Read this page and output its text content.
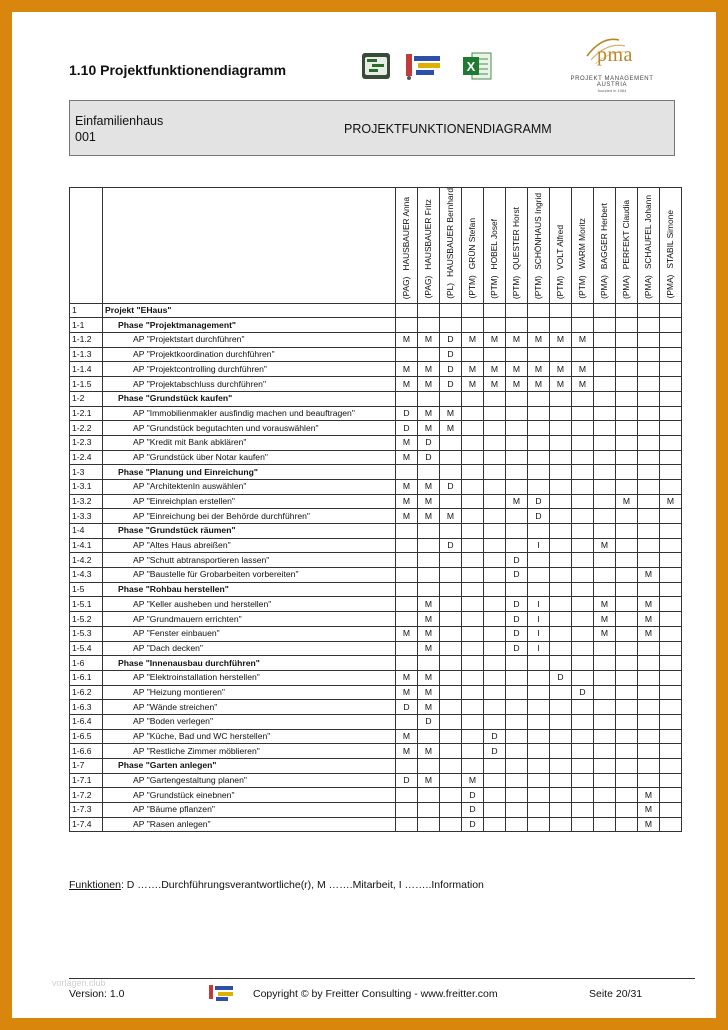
1.10 Projektfunktionendiagramm	X
pma
PROJEKT MANAGEMENT AUSTRIA
founded in 1984
Einfamilienhaus
001
PROJEKTFUNKTIONENDIAGRAMM
		(PAG)HAUSBAUER Anna	(PAG)HAUSBAUER Fritz	(PL)HAUSBAUER Bernhard	(PTM)GRÜN Stefan	(PTM)HOBEL Josef	(PTM)QUESTER Horst	(PTM)SCHÖNHAUS Ingrid	(PTM)VOLT Alfred	(PTM)WARM Moritz	(PMA)BAGGER Herbert	(PMA)PERFEKT Claudia	(PMA)SCHAUFEL Johann	(PMA)STABIL Simone
1	Projekt "EHaus"													
1-1	Phase "Projektmanagement"													
1-1.2	AP "Projektstart durchführen"	M	M	D	M	M	M	M	M	M				
1-1.3	AP "Projektkoordination durchführen"			D										
1-1.4	AP "Projektcontrolling durchführen"	M	M	D	M	M	M	M	M	M				
1-1.5	AP "Projektabschluss durchführen"	M	M	D	M	M	M	M	M	M				
1-2	Phase "Grundstück kaufen"													
1-2.1	AP "Immobilienmakler ausfindig machen und beauftragen"	D	M	M										
1-2.2	AP "Grundstück begutachten und vorauswählen"	D	M	M										
1-2.3	AP "Kredit mit Bank abklären"	M	D											
1-2.4	AP "Grundstück über Notar kaufen"	M	D											
1-3	Phase "Planung und Einreichung"													
1-3.1	AP "ArchitektenIn auswählen"	M	M	D										
1-3.2	AP "Einreichplan erstellen"	M	M				M	D				M		M
1-3.3	AP "Einreichung bei der Behörde durchführen"	M	M	M				D						
1-4	Phase "Grundstück räumen"													
1-4.1	AP "Altes Haus abreißen"			D				I			M			
1-4.2	AP "Schutt abtransportieren lassen"						D							
1-4.3	AP "Baustelle für Grobarbeiten vorbereiten"						D						M	
1-5	Phase "Rohbau herstellen"													
1-5.1	AP "Keller ausheben und herstellen"		M				D	I			M		M	
1-5.2	AP "Grundmauern errichten"		M				D	I			M		M	
1-5.3	AP "Fenster einbauen"	M	M				D	I			M		M	
1-5.4	AP "Dach decken"		M				D	I						
1-6	Phase "Innenausbau durchführen"													
1-6.1	AP "Elektroinstallation herstellen"	M	M						D					
1-6.2	AP "Heizung montieren"	M	M							D				
1-6.3	AP "Wände streichen"	D	M											
1-6.4	AP "Boden verlegen"		D											
1-6.5	AP "Küche, Bad und WC herstellen"	M				D								
1-6.6	AP "Restliche Zimmer möblieren"	M	M			D								
1-7	Phase "Garten anlegen"													
1-7.1	AP "Gartengestaltung planen"	D	M		M									
1-7.2	AP "Grundstück einebnen"				D								M	
1-7.3	AP "Bäume pflanzen"				D								M	
1-7.4	AP "Rasen anlegen"				D								M	
Funktionen: D …….Durchführungsverantwortliche(r), M …….Mitarbeit, I ……..Information
vorlagen.club
Version: 1.0	Copyright © by Freitter Consulting - www.freitter.com	Seite 20/31
